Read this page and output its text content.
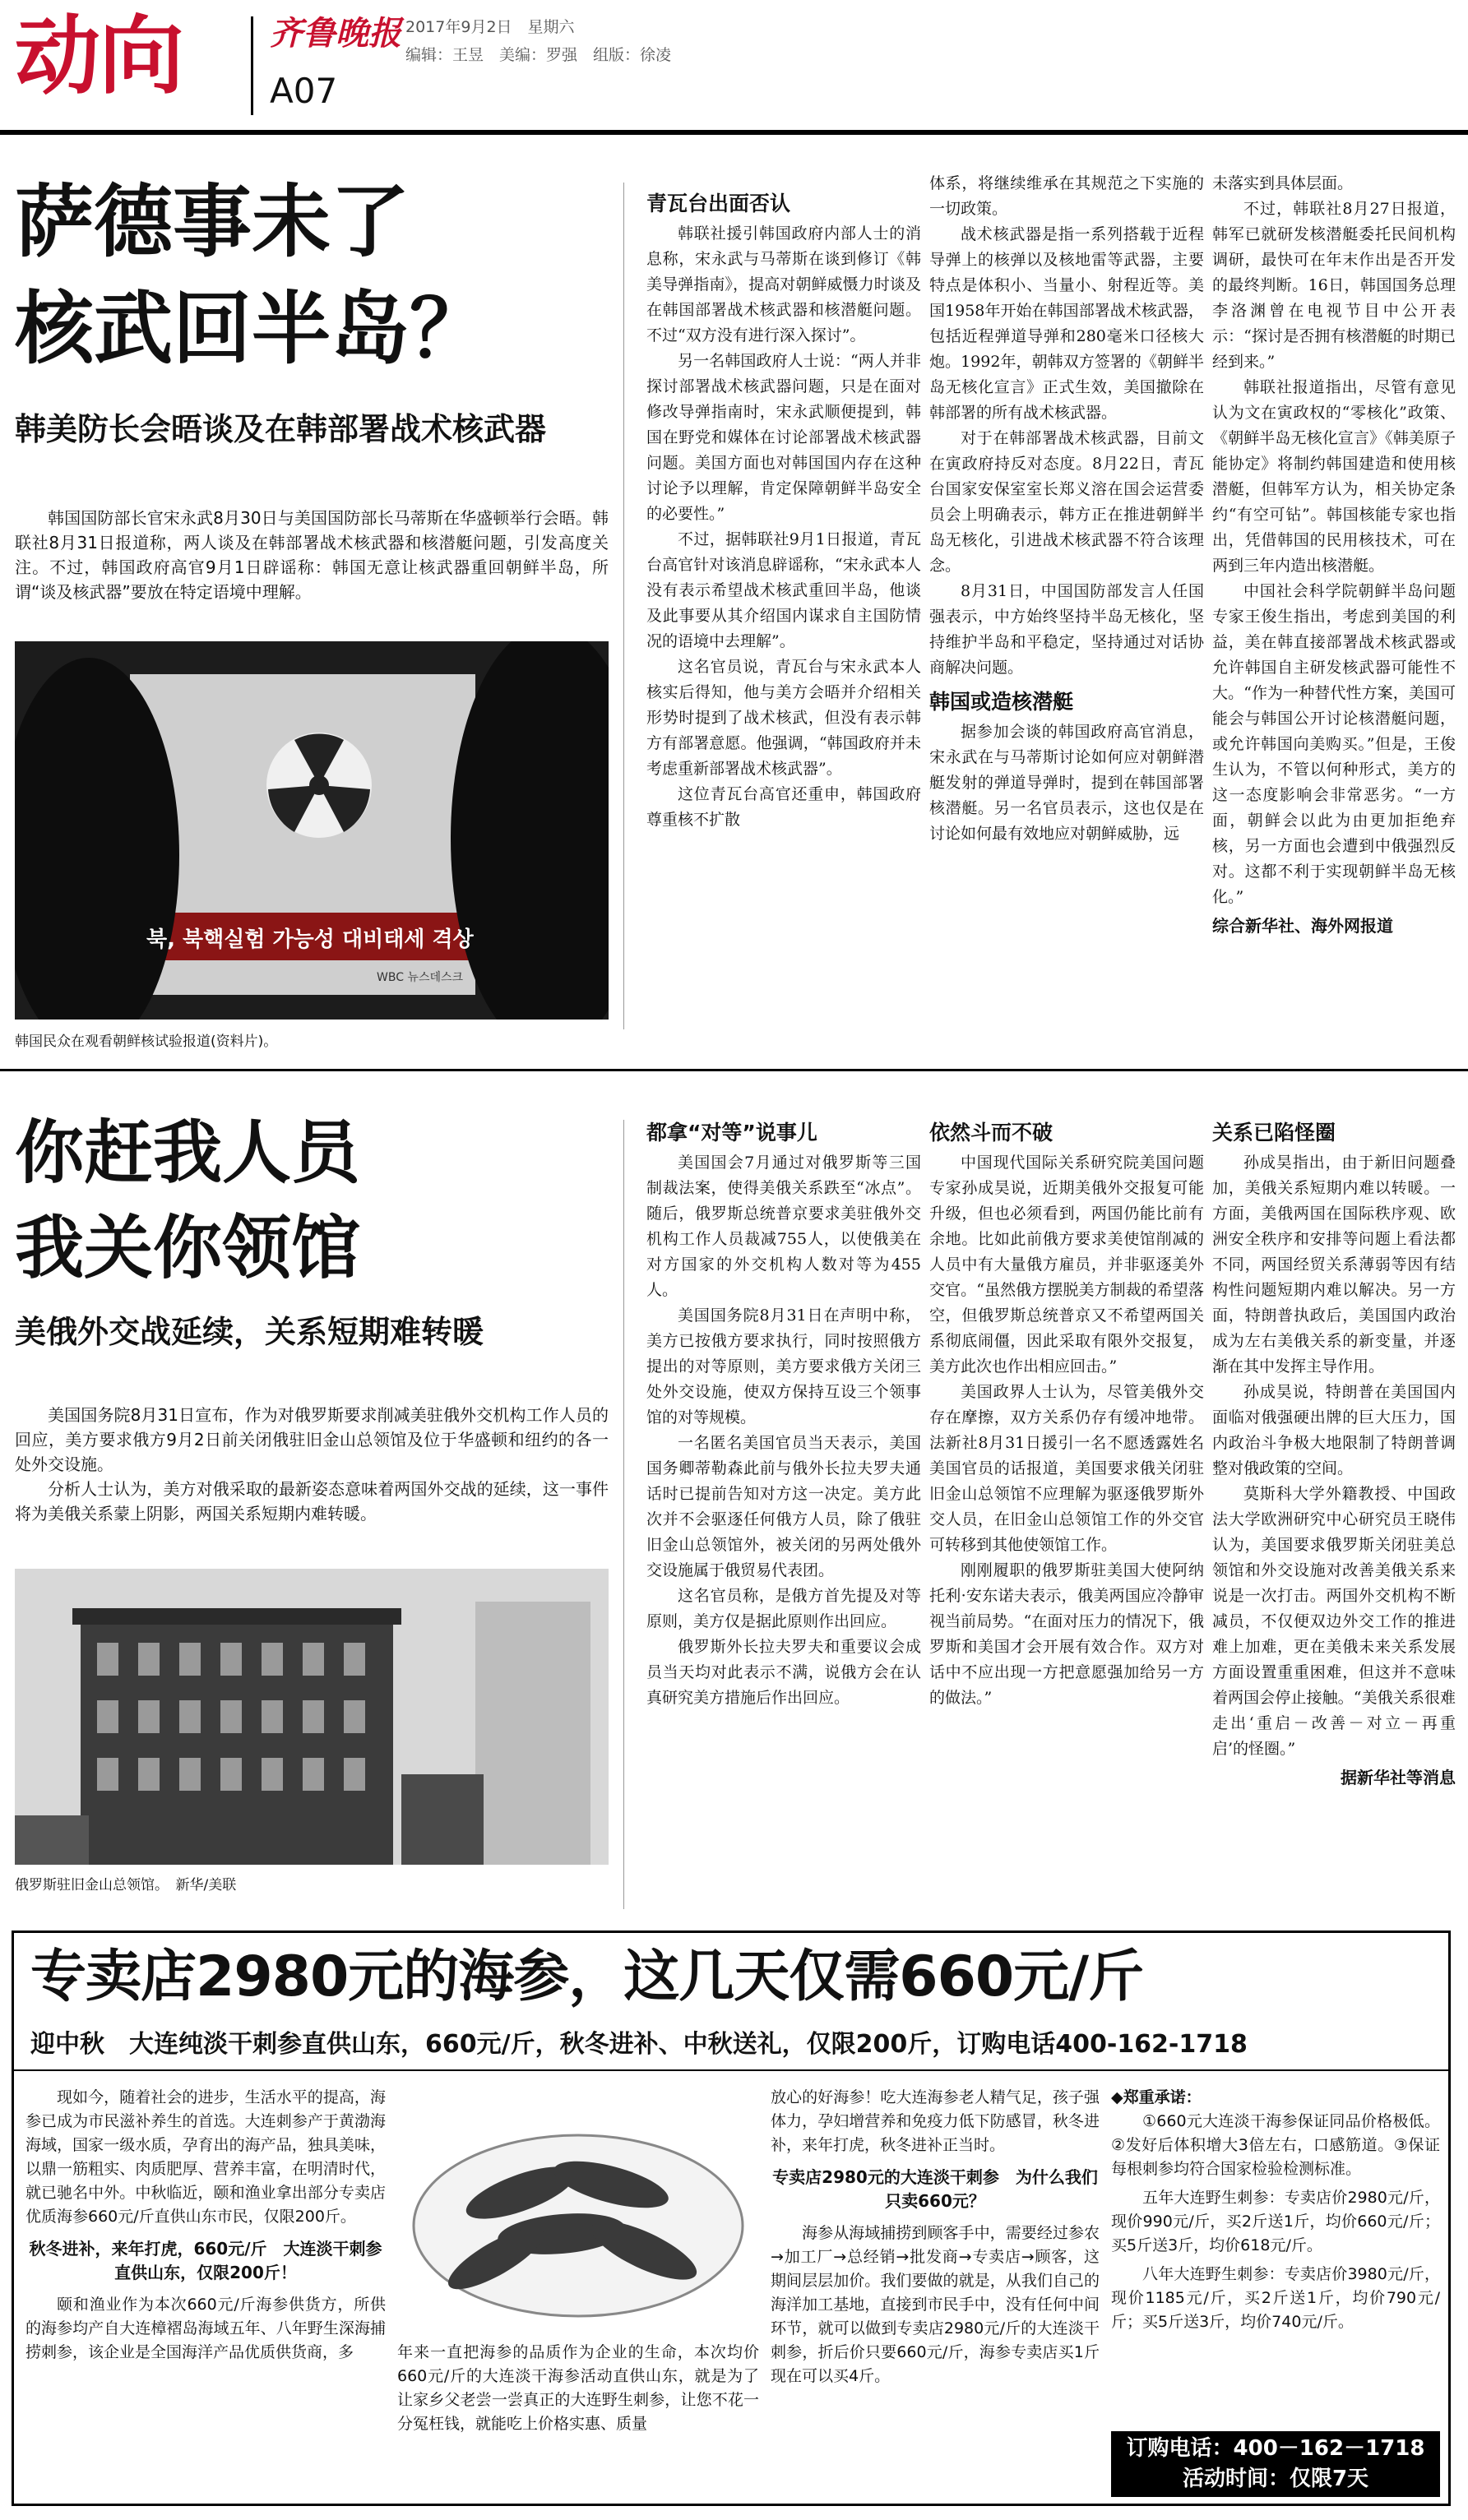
动向	齐鲁晚报
A07
2017年9月2日　星期六
编辑：王昱　美编：罗强　组版：徐凌
萨德事未了
核武回半岛？
韩美防长会晤谈及在韩部署战术核武器

韩国国防部长官宋永武8月30日与美国国防部长马蒂斯在华盛顿举行会晤。韩联社8月31日报道称，两人谈及在韩部署战术核武器和核潜艇问题，引发高度关注。不过，韩国政府高官9月1日辟谣称：韩国无意让核武器重回朝鲜半岛，所谓“谈及核武器”要放在特定语境中理解。

북, 북핵실험 가능성 대비태세 격상
WBC 뉴스데스크
韩国民众在观看朝鲜核试验报道(资料片)。
青瓦台出面否认

韩联社援引韩国政府内部人士的消息称，宋永武与马蒂斯在谈到修订《韩美导弹指南》，提高对朝鲜威慑力时谈及在韩国部署战术核武器和核潜艇问题。不过“双方没有进行深入探讨”。

另一名韩国政府人士说：“两人并非探讨部署战术核武器问题，只是在面对修改导弹指南时，宋永武顺便提到，韩国在野党和媒体在讨论部署战术核武器问题。美国方面也对韩国国内存在这种讨论予以理解，肯定保障朝鲜半岛安全的必要性。”

不过，据韩联社9月1日报道，青瓦台高官针对该消息辟谣称，“宋永武本人没有表示希望战术核武重回半岛，他谈及此事要从其介绍国内谋求自主国防情况的语境中去理解”。

这名官员说，青瓦台与宋永武本人核实后得知，他与美方会晤并介绍相关形势时提到了战术核武，但没有表示韩方有部署意愿。他强调，“韩国政府并未考虑重新部署战术核武器”。

这位青瓦台高官还重申，韩国政府尊重核不扩散

体系，将继续维承在其规范之下实施的一切政策。

战术核武器是指一系列搭载于近程导弹上的核弹以及核地雷等武器，主要特点是体积小、当量小、射程近等。美国1958年开始在韩国部署战术核武器，包括近程弹道导弹和280毫米口径核大炮。1992年，朝韩双方签署的《朝鲜半岛无核化宣言》正式生效，美国撤除在韩部署的所有战术核武器。

对于在韩部署战术核武器，目前文在寅政府持反对态度。8月22日，青瓦台国家安保室室长郑义溶在国会运营委员会上明确表示，韩方正在推进朝鲜半岛无核化，引进战术核武器不符合该理念。

8月31日，中国国防部发言人任国强表示，中方始终坚持半岛无核化，坚持维护半岛和平稳定，坚持通过对话协商解决问题。

韩国或造核潜艇

据参加会谈的韩国政府高官消息，宋永武在与马蒂斯讨论如何应对朝鲜潜艇发射的弹道导弹时，提到在韩国部署核潜艇。另一名官员表示，这也仅是在讨论如何最有效地应对朝鲜威胁，远

未落实到具体层面。

不过，韩联社8月27日报道，韩军已就研发核潜艇委托民间机构调研，最快可在年末作出是否开发的最终判断。16日，韩国国务总理李洛渊曾在电视节目中公开表示：“探讨是否拥有核潜艇的时期已经到来。”

韩联社报道指出，尽管有意见认为文在寅政权的“零核化”政策、《朝鲜半岛无核化宣言》《韩美原子能协定》将制约韩国建造和使用核潜艇，但韩军方认为，相关协定条约“有空可钻”。韩国核能专家也指出，凭借韩国的民用核技术，可在两到三年内造出核潜艇。

中国社会科学院朝鲜半岛问题专家王俊生指出，考虑到美国的利益，美在韩直接部署战术核武器或允许韩国自主研发核武器可能性不大。“作为一种替代性方案，美国可能会与韩国公开讨论核潜艇问题，或允许韩国向美购买。”但是，王俊生认为，不管以何种形式，美方的这一态度影响会非常恶劣。“一方面，朝鲜会以此为由更加拒绝弃核，另一方面也会遭到中俄强烈反对。这都不利于实现朝鲜半岛无核化。”

综合新华社、海外网报道
你赶我人员
我关你领馆
美俄外交战延续，关系短期难转暖

美国国务院8月31日宣布，作为对俄罗斯要求削减美驻俄外交机构工作人员的回应，美方要求俄方9月2日前关闭俄驻旧金山总领馆及位于华盛顿和纽约的各一处外交设施。

分析人士认为，美方对俄采取的最新姿态意味着两国外交战的延续，这一事件将为美俄关系蒙上阴影，两国关系短期内难转暖。

俄罗斯驻旧金山总领馆。　新华/美联
都拿“对等”说事儿

美国国会7月通过对俄罗斯等三国制裁法案，使得美俄关系跌至“冰点”。随后，俄罗斯总统普京要求美驻俄外交机构工作人员裁减755人，以使俄美在对方国家的外交机构人数对等为455人。

美国国务院8月31日在声明中称，美方已按俄方要求执行，同时按照俄方提出的对等原则，美方要求俄方关闭三处外交设施，使双方保持互设三个领事馆的对等规模。

一名匿名美国官员当天表示，美国国务卿蒂勒森此前与俄外长拉夫罗夫通话时已提前告知对方这一决定。美方此次并不会驱逐任何俄方人员，除了俄驻旧金山总领馆外，被关闭的另两处俄外交设施属于俄贸易代表团。

这名官员称，是俄方首先提及对等原则，美方仅是据此原则作出回应。

俄罗斯外长拉夫罗夫和重要议会成员当天均对此表示不满，说俄方会在认真研究美方措施后作出回应。

依然斗而不破

中国现代国际关系研究院美国问题专家孙成昊说，近期美俄外交报复可能升级，但也必须看到，两国仍能比前有余地。比如此前俄方要求美使馆削减的人员中有大量俄方雇员，并非驱逐美外交官。“虽然俄方摆脱美方制裁的希望落空，但俄罗斯总统普京又不希望两国关系彻底闹僵，因此采取有限外交报复，美方此次也作出相应回击。”

美国政界人士认为，尽管美俄外交存在摩擦，双方关系仍存有缓冲地带。法新社8月31日援引一名不愿透露姓名美国官员的话报道，美国要求俄关闭驻旧金山总领馆不应理解为驱逐俄罗斯外交人员，在旧金山总领馆工作的外交官可转移到其他使领馆工作。

刚刚履职的俄罗斯驻美国大使阿纳托利·安东诺夫表示，俄美两国应冷静审视当前局势。“在面对压力的情况下，俄罗斯和美国才会开展有效合作。双方对话中不应出现一方把意愿强加给另一方的做法。”

关系已陷怪圈

孙成昊指出，由于新旧问题叠加，美俄关系短期内难以转暖。一方面，美俄两国在国际秩序观、欧洲安全秩序和安排等问题上看法都不同，两国经贸关系薄弱等因有结构性问题短期内难以解决。另一方面，特朗普执政后，美国国内政治成为左右美俄关系的新变量，并逐渐在其中发挥主导作用。

孙成昊说，特朗普在美国国内面临对俄强硬出牌的巨大压力，国内政治斗争极大地限制了特朗普调整对俄政策的空间。

莫斯科大学外籍教授、中国政法大学欧洲研究中心研究员王晓伟认为，美国要求俄罗斯关闭驻美总领馆和外交设施对改善美俄关系来说是一次打击。两国外交机构不断减员，不仅便双边外交工作的推进难上加难，更在美俄未来关系发展方面设置重重困难，但这并不意味着两国会停止接触。“美俄关系很难走出‘重启－改善－对立－再重启’的怪圈。”

据新华社等消息
专卖店2980元的海参，这几天仅需660元/斤
迎中秋　大连纯淡干刺参直供山东，660元/斤，秋冬进补、中秋送礼，仅限200斤，订购电话400-162-1718

现如今，随着社会的进步，生活水平的提高，海参已成为市民滋补养生的首选。大连刺参产于黄渤海海域，国家一级水质，孕育出的海产品，独具美味，以鼎一筋粗实、肉质肥厚、营养丰富，在明清时代，就已驰名中外。中秋临近，颐和渔业拿出部分专卖店优质海参660元/斤直供山东市民，仅限200斤。

秋冬进补，来年打虎，660元/斤　大连淡干刺参直供山东，仅限200斤！

颐和渔业作为本次660元/斤海参供货方，所供的海参均产自大连樟褶岛海域五年、八年野生深海捕捞刺参，该企业是全国海洋产品优质供货商，多	年来一直把海参的品质作为企业的生命，本次均价660元/斤的大连淡干海参活动直供山东，就是为了让家乡父老尝一尝真正的大连野生刺参，让您不花一分冤枉钱，就能吃上价格实惠、质量

放心的好海参！吃大连海参老人精气足，孩子强体力，孕妇增营养和免疫力低下防感冒，秋冬进补，来年打虎，秋冬进补正当时。

专卖店2980元的大连淡干刺参　为什么我们只卖660元？

海参从海域捕捞到顾客手中，需要经过参农→加工厂→总经销→批发商→专卖店→顾客，这期间层层加价。我们要做的就是，从我们自己的海洋加工基地，直接到市民手中，没有任何中间环节，就可以做到专卖店2980元/斤的大连淡干刺参，折后价只要660元/斤，海参专卖店买1斤现在可以买4斤。

◆郑重承诺：

①660元大连淡干海参保证同品价格极低。②发好后体积增大3倍左右，口感筋道。③保证每根刺参均符合国家检验检测标准。

五年大连野生刺参：专卖店价2980元/斤，现价990元/斤，买2斤送1斤，均价660元/斤；买5斤送3斤，均价618元/斤。

八年大连野生刺参：专卖店价3980元/斤，现价1185元/斤，买2斤送1斤，均价790元/斤；买5斤送3斤，均价740元/斤。

订购电话：400－162－1718
活动时间：仅限7天
